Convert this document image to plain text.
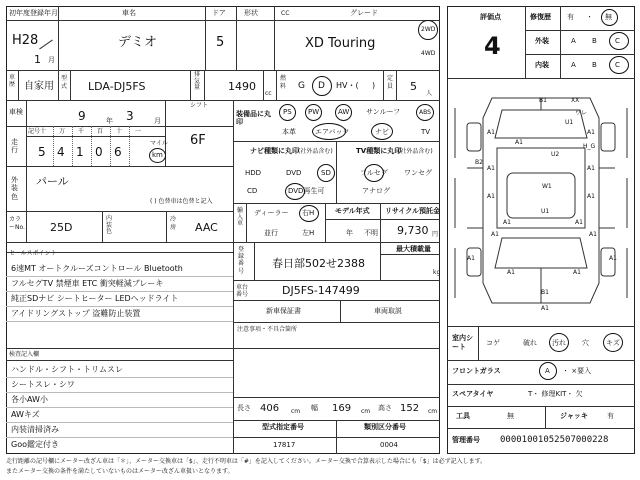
初年度登録年月	車名	ドア	形状	CC	グレード
H28
1 月
デミオ	5	XD Touring
2WD
4WD
車歴 自家用
型式 LDA-DJ5FS
排気量	1490
cc
燃料 G D HV・( )
定員 5
人
車検	9	年 3	月
シフト
6F
走行
記号 十 万 千 百 十 一
5 4 1 0 6
マイル
km
外装色
パール
( ) 色替車は色替と記入
カラーNo. 25D
内装色
冷房 AAC
装備品に丸印
PS PW	AW サンルーフ	ABS
本革	エアバック	ナビ	TV
ナビ種類に丸印 (社外品含む)
HDD	DVD	SD
CD	DVD再生可
TV種類に丸印
(社外品含む)
フルセグ ワンセグ
アナログ
輸入車
ディーラー
並行
右H
左H
モデル年式
年 不明
リサイクル預託金
9,730 円
セールスポイント
6速MT オートクルーズコントロール Bluetooth
フルセグTV 禁煙車 ETC 衝突軽減ブレーキ
純正SDナビ シートヒーター LEDヘッドライト
アイドリングストップ 盗難防止装置
登録番号
春日部502せ2388
最大積載量
kg
車台番号	DJ5FS-147499
新車保証書	車両取説
注意事項・不具合箇所
検査記入欄
ハンドル・シフト・トリムスレ
シートスレ・シワ
各小AW小
AWキズ
内装清掃済み
Goo鑑定付き
長さ 406 cm 幅 169 cm 高さ 152 cm
型式指定番号
17817
類別区分番号
0004
評価点
4
修復歴 有 ・ 無
外装	A B	C
内装	A B	C
B1	XX
U1
A1
U2
W1
A1
A1
A1
A1
A1	A1
B2
A1	A1
U1
A1	A1
B1
A1	A1
A1	A1
A1
ワレ
H_G
室内シート
コゲ	破れ 汚れ 穴 キズ
フロントガラス	A ・ ×要入
スペアタイヤ	T・ 修理KIT・ 欠
工具	無	ジャッキ	有
管理番号 00001001052507000228
走行距離の記号欄にメーター改ざん車は「＊」、メーター交換車は「$」、走行不明車は「#」を記入してください。メーター交換で合算表示した場合にも「$」は必ず記入します。
またメーター交換の条件を満たしていないものはメーター改ざん車扱いとなります。
